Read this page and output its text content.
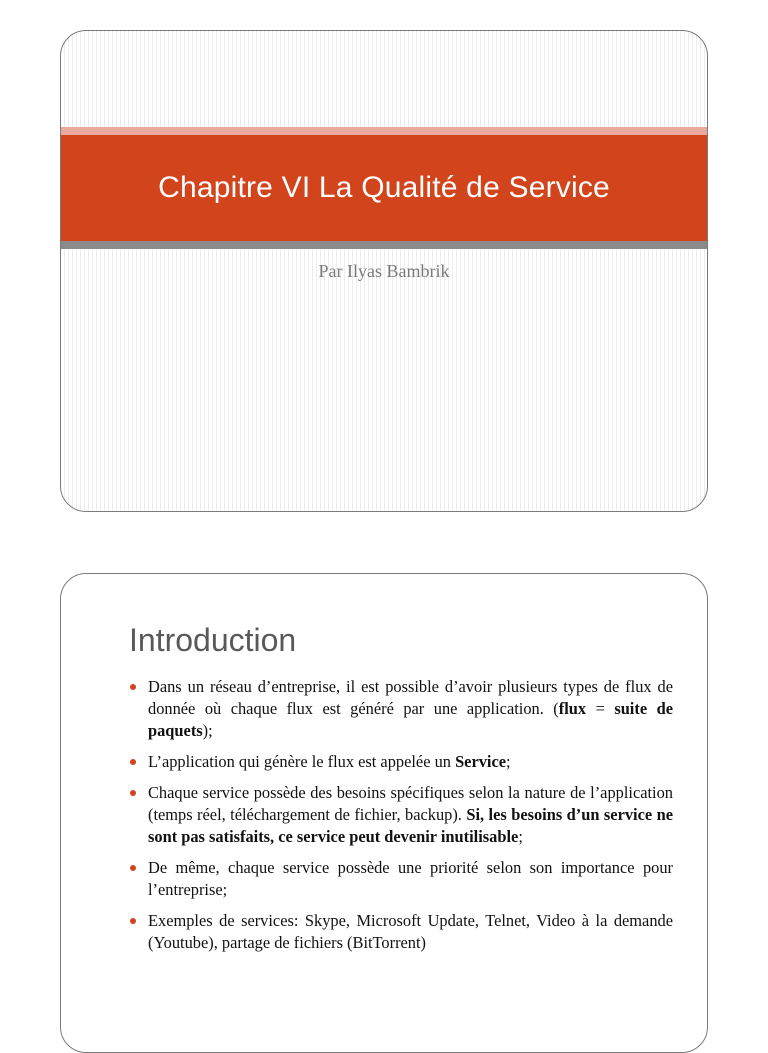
Chapitre VI La Qualité de Service
Par Ilyas Bambrik
Introduction
Dans un réseau d’entreprise, il est possible d’avoir plusieurs types de flux de donnée où chaque flux est généré par une application. (flux = suite de paquets);
L’application qui génère le flux est appelée un Service;
Chaque service possède des besoins spécifiques selon la nature de l’application (temps réel, téléchargement de fichier, backup). Si, les besoins d’un service ne sont pas satisfaits, ce service peut devenir inutilisable;
De même, chaque service possède une priorité selon son importance pour l’entreprise;
Exemples de services: Skype, Microsoft Update, Telnet, Video à la demande (Youtube), partage de fichiers (BitTorrent)
